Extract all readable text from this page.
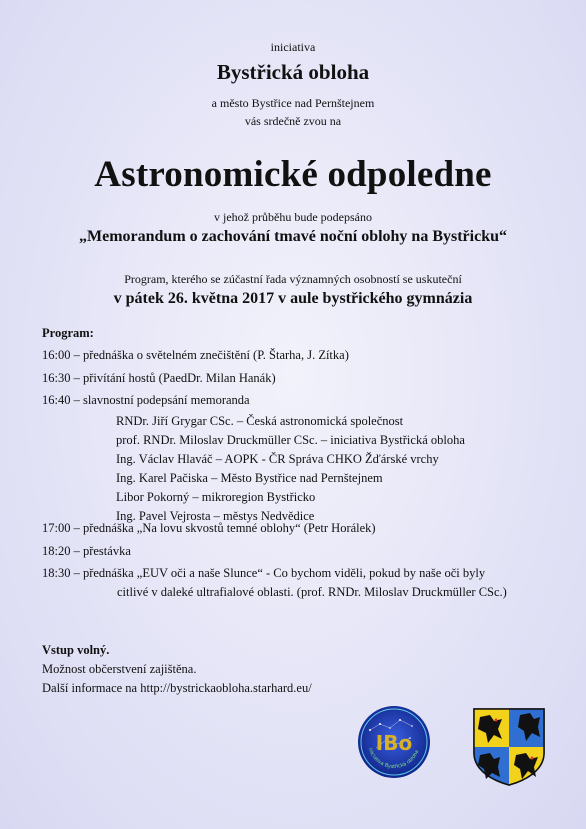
iniciativa
Bystřická obloha
a město Bystřice nad Pernštejnem
vás srdečně zvou na
Astronomické odpoledne
v jehož průběhu bude podepsáno
„Memorandum o zachování tmavé noční oblohy na Bystřicku“
Program, kterého se zúčastní řada významných osobností se uskuteční
v pátek 26. května 2017 v aule bystřického gymnázia
Program:
16:00 – přednáška o světelném znečištění (P. Štarha, J. Zítka)
16:30 – přivítání hostů (PaedDr. Milan Hanák)
16:40 – slavnostní podepsání memoranda
RNDr. Jiří Grygar CSc. – Česká astronomická společnost
prof. RNDr. Miloslav Druckmüller CSc. – iniciativa Bystřická obloha
Ing. Václav Hlaváč – AOPK - ČR Správa CHKO Žďárské vrchy
Ing. Karel Pačiska – Město Bystřice nad Pernštejnem
Libor Pokorný – mikroregion Bystřicko
Ing. Pavel Vejrosta – městys Nedvědice
17:00 – přednáška „Na lovu skvostů temné oblohy“ (Petr Horálek)
18:20 – přestávka
18:30 – přednáška „EUV oči a naše Slunce“ - Co bychom viděli, pokud by naše oči byly
citlivé v daleké ultrafialové oblasti. (prof. RNDr. Miloslav Druckmüller CSc.)
Vstup volný.
Možnost občerstvení zajištěna.
Další informace na http://bystrickaobloha.starhard.eu/
IBo
iniciativa Bystřická obloha
